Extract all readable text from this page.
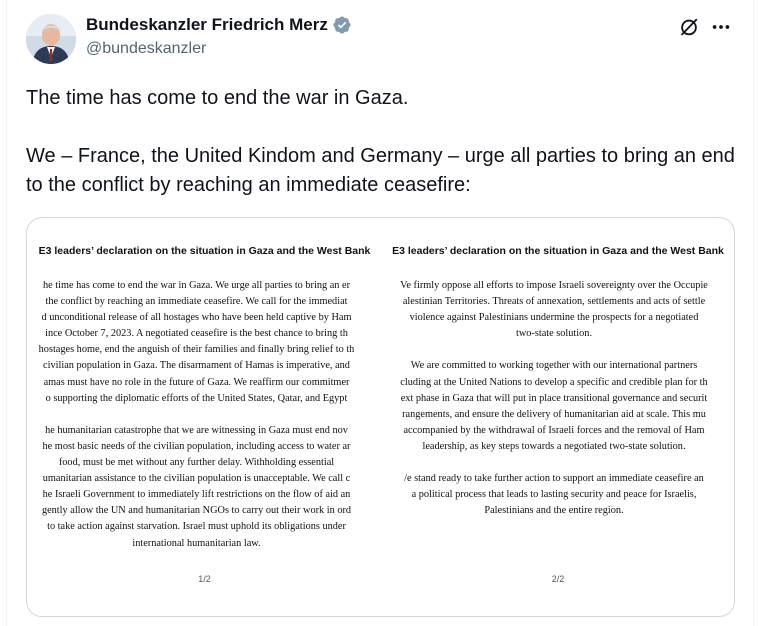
Bundeskanzler Friedrich Merz
@bundeskanzler

The time has come to end the war in Gaza.

We – France, the United Kindom and Germany – urge all parties to bring an end to the conflict by reaching an immediate ceasefire:

E3 leaders’ declaration on the situation in Gaza and the West Bank
he time has come to end the war in Gaza. We urge all parties to bring an er
the conflict by reaching an immediate ceasefire. We call for the immediat
d unconditional release of all hostages who have been held captive by Ham
ince October 7, 2023. A negotiated ceasefire is the best chance to bring th
hostages home, end the anguish of their families and finally bring relief to th
civilian population in Gaza. The disarmament of Hamas is imperative, and
amas must have no role in the future of Gaza. We reaffirm our commitmer
o supporting the diplomatic efforts of the United States, Qatar, and Egypt
he humanitarian catastrophe that we are witnessing in Gaza must end nov
he most basic needs of the civilian population, including access to water ar
food, must be met without any further delay. Withholding essential
umanitarian assistance to the civilian population is unacceptable. We call c
he Israeli Government to immediately lift restrictions on the flow of aid an
gently allow the UN and humanitarian NGOs to carry out their work in ord
to take action against starvation. Israel must uphold its obligations under
international humanitarian law.
1/2
E3 leaders’ declaration on the situation in Gaza and the West Bank
Ve firmly oppose all efforts to impose Israeli sovereignty over the Occupie
alestinian Territories. Threats of annexation, settlements and acts of settle
violence against Palestinians undermine the prospects for a negotiated
two-state solution.
We are committed to working together with our international partners
cluding at the United Nations to develop a specific and credible plan for th
ext phase in Gaza that will put in place transitional governance and securit
rangements, and ensure the delivery of humanitarian aid at scale. This mu
accompanied by the withdrawal of Israeli forces and the removal of Ham
leadership, as key steps towards a negotiated two-state solution.
/e stand ready to take further action to support an immediate ceasefire an
a political process that leads to lasting security and peace for Israelis,
Palestinians and the entire region.
2/2
